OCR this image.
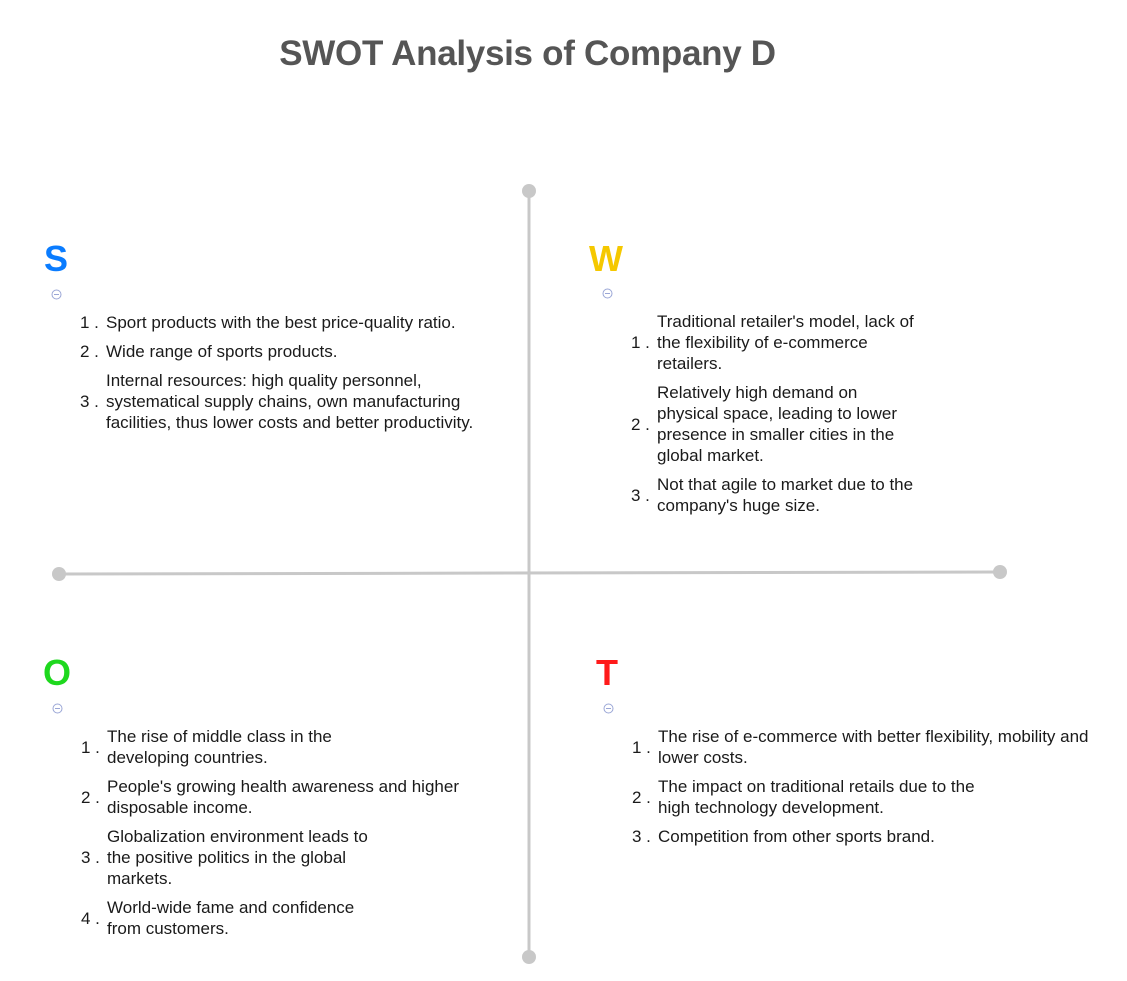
SWOT Analysis of Company D
S
1 . Sport products with the best price-quality ratio.
2 . Wide range of sports products.
3 .
Internal resources: high quality personnel, systematical supply chains, own manufacturing facilities, thus lower costs and better productivity.
W
1 .
Traditional retailer's model, lack of the flexibility of e-commerce retailers.
2 .
Relatively high demand on physical space, leading to lower presence in smaller cities in the global market.
3 .
Not that agile to market due to the company's huge size.
O
1 .
The rise of middle class in the developing countries.
2 .
People's growing health awareness and higher disposable income.
3 .
Globalization environment leads to the positive politics in the global markets.
4 .
World-wide fame and confidence from customers.
T
1 .
The rise of e-commerce with better flexibility, mobility and lower costs.
2 .
The impact on traditional retails due to the high technology development.
3 . Competition from other sports brand.
